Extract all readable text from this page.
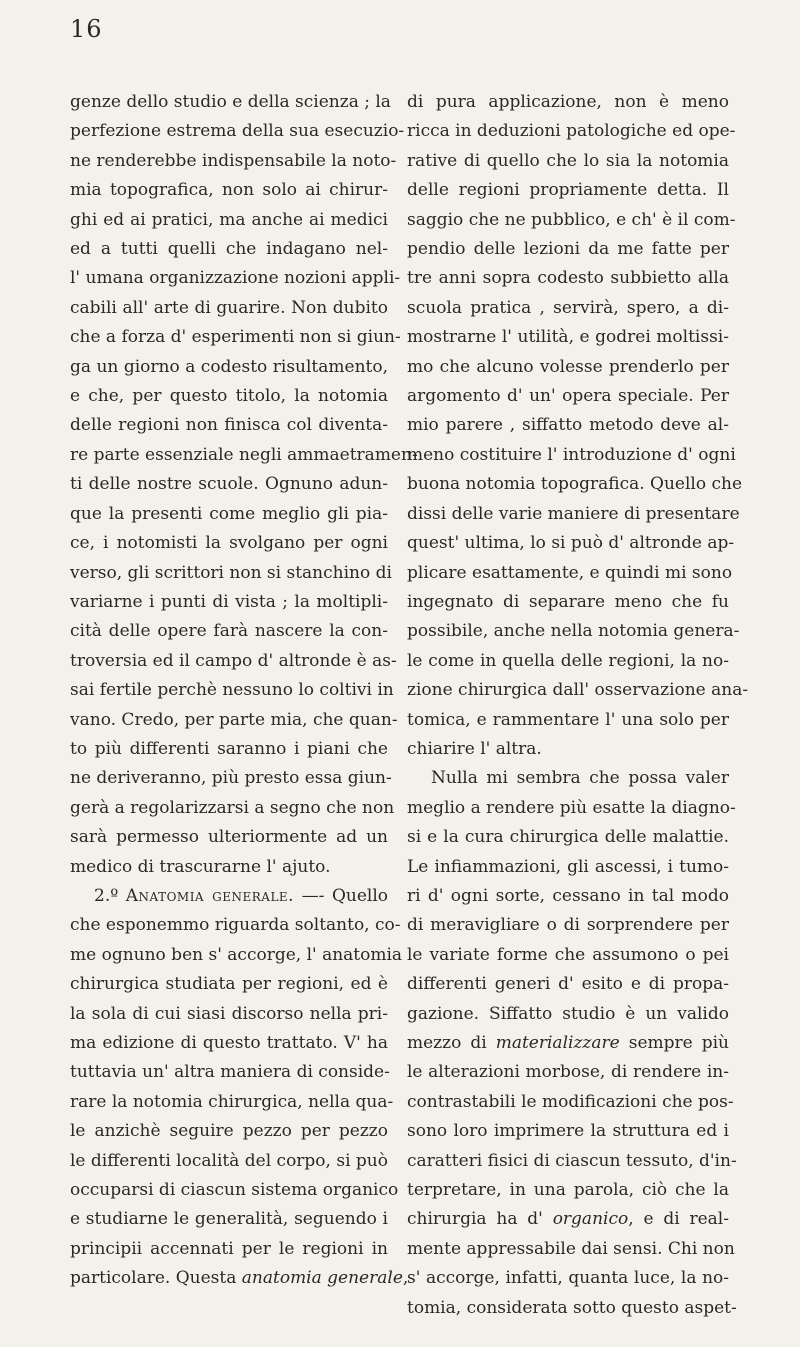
16
genze dello studio e della scienza ; la
perfezione estrema della sua esecuzio-
ne renderebbe indispensabile la noto-
mia topografica, non solo ai chirur-
ghi ed ai pratici, ma anche ai medici
ed a tutti quelli che indagano nel-
l' umana organizzazione nozioni appli-
cabili all' arte di guarire. Non dubito
che a forza d' esperimenti non si giun-
ga un giorno a codesto risultamento,
e che, per questo titolo, la notomia
delle regioni non finisca col diventa-
re parte essenziale negli ammaetramen-
ti delle nostre scuole. Ognuno adun-
que la presenti come meglio gli pia-
ce, i notomisti la svolgano per ogni
verso, gli scrittori non si stanchino di
variarne i punti di vista ; la moltipli-
cità delle opere farà nascere la con-
troversia ed il campo d' altronde è as-
sai fertile perchè nessuno lo coltivi in
vano. Credo, per parte mia, che quan-
to più differenti saranno i piani che
ne deriveranno, più presto essa giun-
gerà a regolarizzarsi a segno che non
sarà permesso ulteriormente ad un
medico di trascurarne l' ajuto.
2.º Anatomia generale. —- Quello
che esponemmo riguarda soltanto, co-
me ognuno ben s' accorge, l' anatomia
chirurgica studiata per regioni, ed è
la sola di cui siasi discorso nella pri-
ma edizione di questo trattato. V' ha
tuttavia un' altra maniera di conside-
rare la notomia chirurgica, nella qua-
le anzichè seguire pezzo per pezzo
le differenti località del corpo, si può
occuparsi di ciascun sistema organico
e studiarne le generalità, seguendo i
principii accennati per le regioni in
particolare. Questa anatomia generale,
di pura applicazione, non è meno
ricca in deduzioni patologiche ed ope-
rative di quello che lo sia la notomia
delle regioni propriamente detta. Il
saggio che ne pubblico, e ch' è il com-
pendio delle lezioni da me fatte per
tre anni sopra codesto subbietto alla
scuola pratica , servirà, spero, a di-
mostrarne l' utilità, e godrei moltissi-
mo che alcuno volesse prenderlo per
argomento d' un' opera speciale. Per
mio parere , siffatto metodo deve al-
meno costituire l' introduzione d' ogni
buona notomia topografica. Quello che
dissi delle varie maniere di presentare
quest' ultima, lo si può d' altronde ap-
plicare esattamente, e quindi mi sono
ingegnato di separare meno che fu
possibile, anche nella notomia genera-
le come in quella delle regioni, la no-
zione chirurgica dall' osservazione ana-
tomica, e rammentare l' una solo per
chiarire l' altra.
Nulla mi sembra che possa valer
meglio a rendere più esatte la diagno-
si e la cura chirurgica delle malattie.
Le infiammazioni, gli ascessi, i tumo-
ri d' ogni sorte, cessano in tal modo
di meravigliare o di sorprendere per
le variate forme che assumono o pei
differenti generi d' esito e di propa-
gazione. Siffatto studio è un valido
mezzo di materializzare sempre più
le alterazioni morbose, di rendere in-
contrastabili le modificazioni che pos-
sono loro imprimere la struttura ed i
caratteri fisici di ciascun tessuto, d'in-
terpretare, in una parola, ciò che la
chirurgia ha d' organico, e di real-
mente appressabile dai sensi. Chi non
s' accorge, infatti, quanta luce, la no-
tomia, considerata sotto questo aspet-
